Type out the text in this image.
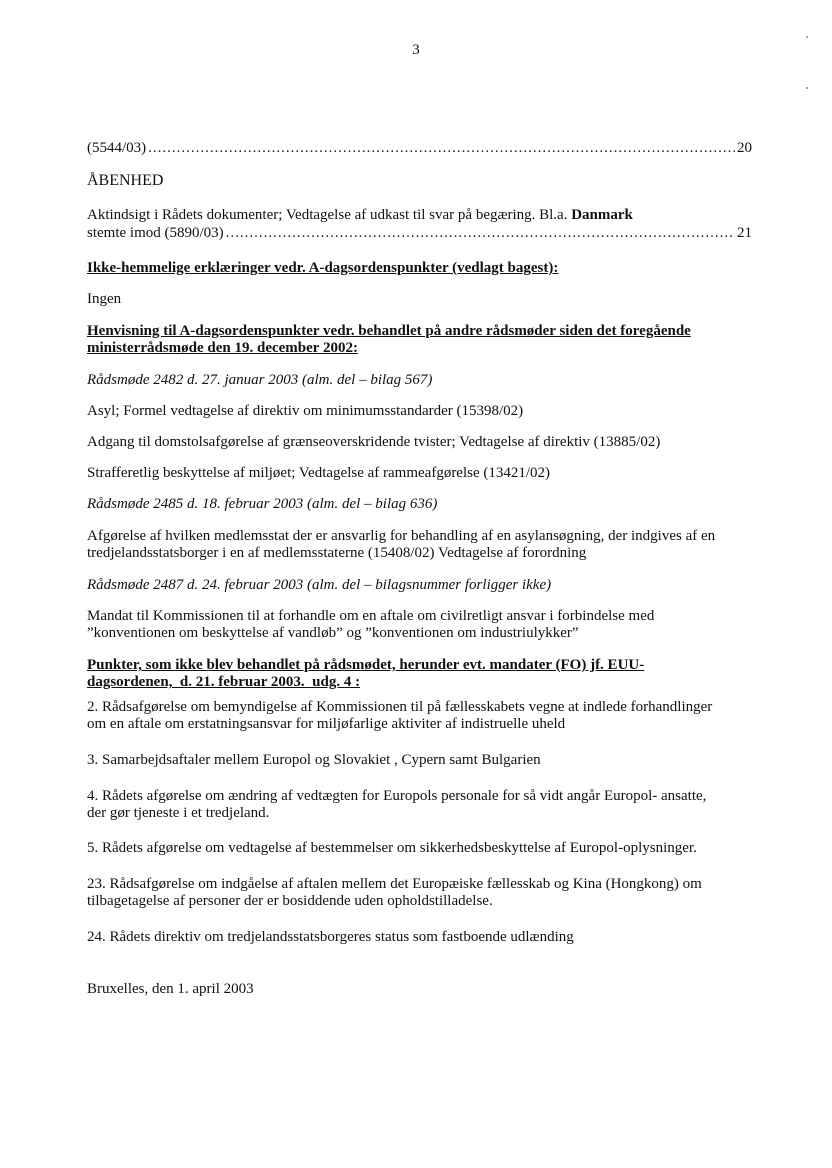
3
(5544/03) .....	20
ÅBENHED
Aktindsigt i Rådets dokumenter; Vedtagelse af udkast til svar på begæring. Bl.a. Danmark
stemte imod (5890/03) .....	21
Ikke-hemmelige erklæringer vedr. A-dagsordenspunkter (vedlagt bagest):
Ingen
Henvisning til A-dagsordenspunkter vedr. behandlet på andre rådsmøder siden det foregående
ministerrådsmøde den 19. december 2002:
Rådsmøde 2482 d. 27. januar 2003 (alm. del – bilag 567)
Asyl; Formel vedtagelse af direktiv om minimumsstandarder (15398/02)
Adgang til domstolsafgørelse af grænseoverskridende tvister; Vedtagelse af direktiv (13885/02)
Strafferetlig beskyttelse af miljøet; Vedtagelse af rammeafgørelse (13421/02)
Rådsmøde 2485 d. 18. februar 2003 (alm. del – bilag 636)
Afgørelse af hvilken medlemsstat der er ansvarlig for behandling af en asylansøgning, der indgives af en
tredjelandsstatsborger i en af medlemsstaterne (15408/02) Vedtagelse af forordning
Rådsmøde 2487 d. 24. februar 2003 (alm. del – bilagsnummer forligger ikke)
Mandat til Kommissionen til at forhandle om en aftale om civilretligt ansvar i forbindelse med
”konventionen om beskyttelse af vandløb” og ”konventionen om industriulykker”
Punkter, som ikke blev behandlet på rådsmødet, herunder evt. mandater (FO) jf. EUU-
dagsordenen,  d. 21. februar 2003.  udg. 4 :
2. Rådsafgørelse om bemyndigelse af Kommissionen til på fællesskabets vegne at indlede forhandlinger
om en aftale om erstatningsansvar for miljøfarlige aktiviter af indistruelle uheld
3. Samarbejdsaftaler mellem Europol og Slovakiet , Cypern samt Bulgarien
4. Rådets afgørelse om ændring af vedtægten for Europols personale for så vidt angår Europol- ansatte,
der gør tjeneste i et tredjeland.
5. Rådets afgørelse om vedtagelse af bestemmelser om sikkerhedsbeskyttelse af Europol-oplysninger.
23. Rådsafgørelse om indgåelse af aftalen mellem det Europæiske fællesskab og Kina (Hongkong) om
tilbagetagelse af personer der er bosiddende uden opholdstilladelse.
24. Rådets direktiv om tredjelandsstatsborgeres status som fastboende udlænding
Bruxelles, den 1. april 2003
